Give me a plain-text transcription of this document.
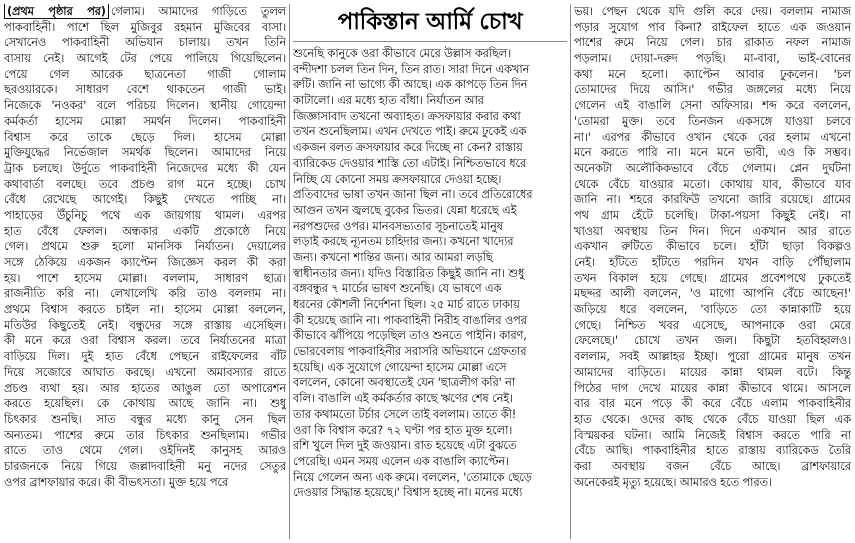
(প্রথম পৃষ্ঠার পর) গেলাম। আমাদের গাড়িতে তুলল
পাকবাহিনী। পাশে ছিল মুজিবুর রহমান মুজিবের বাসা।
সেখানেও পাকবাহিনী অভিযান চালায়। তখন তিনি
বাসায় নেই। আগেই টের পেয়ে পালিয়ে গিয়েছিলেন।
পেয়ে গেল আরেক ছাত্রনেতা গাজী গোলাম
ছরওয়ারকে। সাধারণ বেশে থাকতেন গাজী ভাই।
নিজেকে 'নওকর' বলে পরিচয় দিলেন। স্থানীয় গোয়েন্দা
কর্মকর্তা হাসেম মোল্লা সমর্থন দিলেন। পাকবাহিনী
বিশ্বাস করে তাকে ছেড়ে দিল। হাসেম মোল্লা
মুক্তিযুদ্ধের নির্ভেজাল সমর্থক ছিলেন। আমাদের নিয়ে
ট্রাক চলছে। উর্দুতে পাকবাহিনী নিজেদের মধ্যে কী যেন
কথাবার্তা বলছে। তবে প্রচণ্ড রাগ মনে হচ্ছে। চোখ
বেঁধে রেখেছে আগেই। কিছুই দেখতে পাচ্ছি না।
পাহাড়ের উঁচুনিচু পথে এক জায়গায় থামল। এরপর
হাত বেঁধে ফেলল। অন্ধকার একটি প্রকোষ্ঠে নিয়ে
গেল। প্রথমে শুরু হলো মানসিক নির্যাতন। দেয়ালের
সঙ্গে ঠেকিয়ে একজন ক্যাপ্টেন জিজ্ঞেস করল কী করা
হয়। পাশে হাসেম মোল্লা। বললাম, সাধারণ ছাত্র।
রাজনীতি করি না। লেখালেখি করি তাও বললাম না।
প্রথমে বিশ্বাস করতে চাইল না। হাসেম মোল্লা বললেন,
মতিউর কিছুতেই নেই। বন্ধুদের সঙ্গে রাস্তায় এসেছিল।
কী মনে করে ওরা বিশ্বাস করল। তবে নির্যাতনের মাত্রা
বাড়িয়ে দিল। দুই হাত বেঁধে পেছনে রাইফেলের বাঁট
দিয়ে সজোরে আঘাত করছে। এখনো অমাবস্যার রাতে
প্রচণ্ড ব্যথা হয়। আর হাতের আঙুল তো অপারেশন
করতে হয়েছিল। কে কোথায় আছে জানি না। শুধু
চিৎকার শুনছি। সাত বন্ধুর মধ্যে কানু সেন ছিল
অন্যতম। পাশের রুমে তার চিৎকার শুনছিলাম। গভীর
রাতে তাও থেমে গেল। ওইদিনই কানুসহ আরও
চারজনকে নিয়ে গিয়ে জল্লাদবাহিনী মনু নদের সেতুর
ওপর ব্রাশফায়ার করে। কী বীভৎসতা। মুক্ত হয়ে পরে
পাকিস্তান আর্মি চোখ
শুনেছি কানুকে ওরা কীভাবে মেরে উল্লাস করছিল।
বন্দীদশা চলল তিন দিন, তিন রাত। সারা দিনে একখান
রুটি। জানি না ভাগ্যে কী আছে। এক কাপড়ে তিন দিন
কাটালো। এর মধ্যে হাত বাঁধা। নির্যাতন আর
জিজ্ঞাসাবাদ তখনো অব্যাহত। ক্রসফায়ার করার কথা
তখন শুনেছিলাম। এখন দেখতে পাই। রুমে ঢুকেই এক
একজন বলত ক্রসফায়ার করে দিচ্ছে না কেন? রাস্তায়
ব্যারিকেড দেওয়ার শাস্তি তো এটাই। নিশ্চিতভাবে ধরে
নিচ্ছি যে কোনো সময় ক্রসফায়ারে দেওয়া হচ্ছে।
প্রতিবাদের ভাষা তখন জানা ছিল না। তবে প্রতিরোধের
আগুন তখন জ্বলছে বুকের ভিতর। যেন্না ধরেছে এই
নরপশুদের ওপর। মানবসভ্যতার সূচনাতেই মানুষ
লড়াই করছে ন্যূনতম চাহিদার জন্য। কখনো খাদ্যের
জন্য। কখনো শান্তির জন্য। আর আমরা লড়ছি
স্বাধীনতার জন্য। যদিও বিস্তারিত কিছুই জানি না। শুধু
বঙ্গবন্ধুর ৭ মার্চের ভাষণ শুনেছি। যে ভাষণে এক
ধরনের কৌশলী নির্দেশনা ছিল। ২৫ মার্চ রাতে ঢাকায়
কী হয়েছে জানি না। পাকবাহিনী নিরীহ বাঙালির ওপর
কীভাবে ঝাঁপিয়ে পড়েছিল তাও শুনতে পাইনি। কারণ,
ভোরবেলায় পাকবাহিনীর সরাসরি অভিযানে গ্রেফতার
হয়েছি। এক সুযোগে গোয়েন্দা হাসেম মোল্লা এসে
বললেন, কোনো অবস্থাতেই যেন 'ছাত্রলীগ করি' না
বলি। বাঙালি এই কর্মকর্তার কাছে ঋণের শেষ নেই।
তার কথামতো টর্চার সেলে তাই বললাম। তাতে কী!
ওরা কি বিশ্বাস করে? ৭২ ঘণ্টা পর হাত মুক্ত হলো।
রশি খুলে দিল দুই জওয়ান। রাত হয়েছে এটা বুঝতে
পেরেছি। এমন সময় এলেন এক বাঙালি ক্যাপ্টেন।
নিয়ে গেলেন অন্য এক রুমে। বললেন, 'তোমাকে ছেড়ে
দেওয়ার সিদ্ধান্ত হয়েছে।' বিশ্বাস হচ্ছে না। মনের মধ্যে
ভয়। পেছন থেকে যদি গুলি করে দেয়। বললাম নামাজ
পড়ার সুযোগ পাব কিনা? রাইফেল হাতে এক জওয়ান
পাশের রুমে নিয়ে গেল। চার রাকাত নফল নামাজ
পড়লাম। দোয়া-দরুদ পড়ছি। মা-বাবা, ভাই-বোনের
কথা মনে হলো। ক্যাপ্টেন আবার ঢুকলেন। 'চল
তোমাদের দিয়ে আসি।' গভীর জঙ্গলের মধ্যে নিয়ে
গেলেন এই বাঙালি সেনা অফিসার। শব্দ করে বললেন,
'তোমরা মুক্ত। তবে তিনজন একসঙ্গে যাওয়া চলবে
না।' এরপর কীভাবে ওখান থেকে বের হলাম এখনো
মনে করতে পারি না। মনে মনে ভাবী, এও কি সম্ভব।
অনেকটা অলৌকিকভাবে বেঁচে গেলাম। প্লেন দুর্ঘটনা
থেকে বেঁচে যাওয়ার মতো। কোথায় যাব, কীভাবে যাব
জানি না। শহরে কারফিউ তখনো জারি রয়েছে। গ্রামের
পথ গ্রাম হেঁটে চলেছি। টাকা-পয়সা কিছুই নেই। না
খাওয়া অবস্থায় তিন দিন। দিনে একখান আর রাতে
একখান রুটিতে কীভাবে চলে। হাঁটা ছাড়া বিকল্পও
নেই। হাঁটতে হাঁটতে পরদিন যখন বাড়ি পৌঁছালাম
তখন বিকাল হয়ে গেছে। গ্রামের প্রবেশপথে ঢুকতেই
মছদ্দর আলী বললেন, 'ও মাগো আপনি বেঁচে আছেন!'
জড়িয়ে ধরে বললেন, 'বাড়িতে তো কান্নাকাটি হয়ে
গেছে। নিশ্চিত খবর এসেছে, আপনাকে ওরা মেরে
ফেলেছে।' চোখে তখন জল। কিছুটা হতবিহ্বলও।
বললাম, সবই আল্লাহর ইচ্ছা। পুরো গ্রামের মানুষ তখন
আমাদের বাড়িতে। মায়ের কান্না থামল বটে। কিন্তু
পিঠের দাগ দেখে মায়ের কান্না কীভাবে থামে। আসলে
বার বার মনে পড়ে কী করে বেঁচে এলাম পাকবাহিনীর
হাত থেকে। ওদের কাছ থেকে বেঁচে যাওয়া ছিল এক
বিস্ময়কর ঘটনা। আমি নিজেই বিশ্বাস করতে পারি না
বেঁচে আছি। পাকবাহিনীর হাতে রাস্তায় ব্যারিকেড তৈরি
করা অবস্থায় বজন বেঁচে আছে। ব্রাশফায়ারে
অনেকেরই মৃত্যু হয়েছে। আমারও হতে পারত।
